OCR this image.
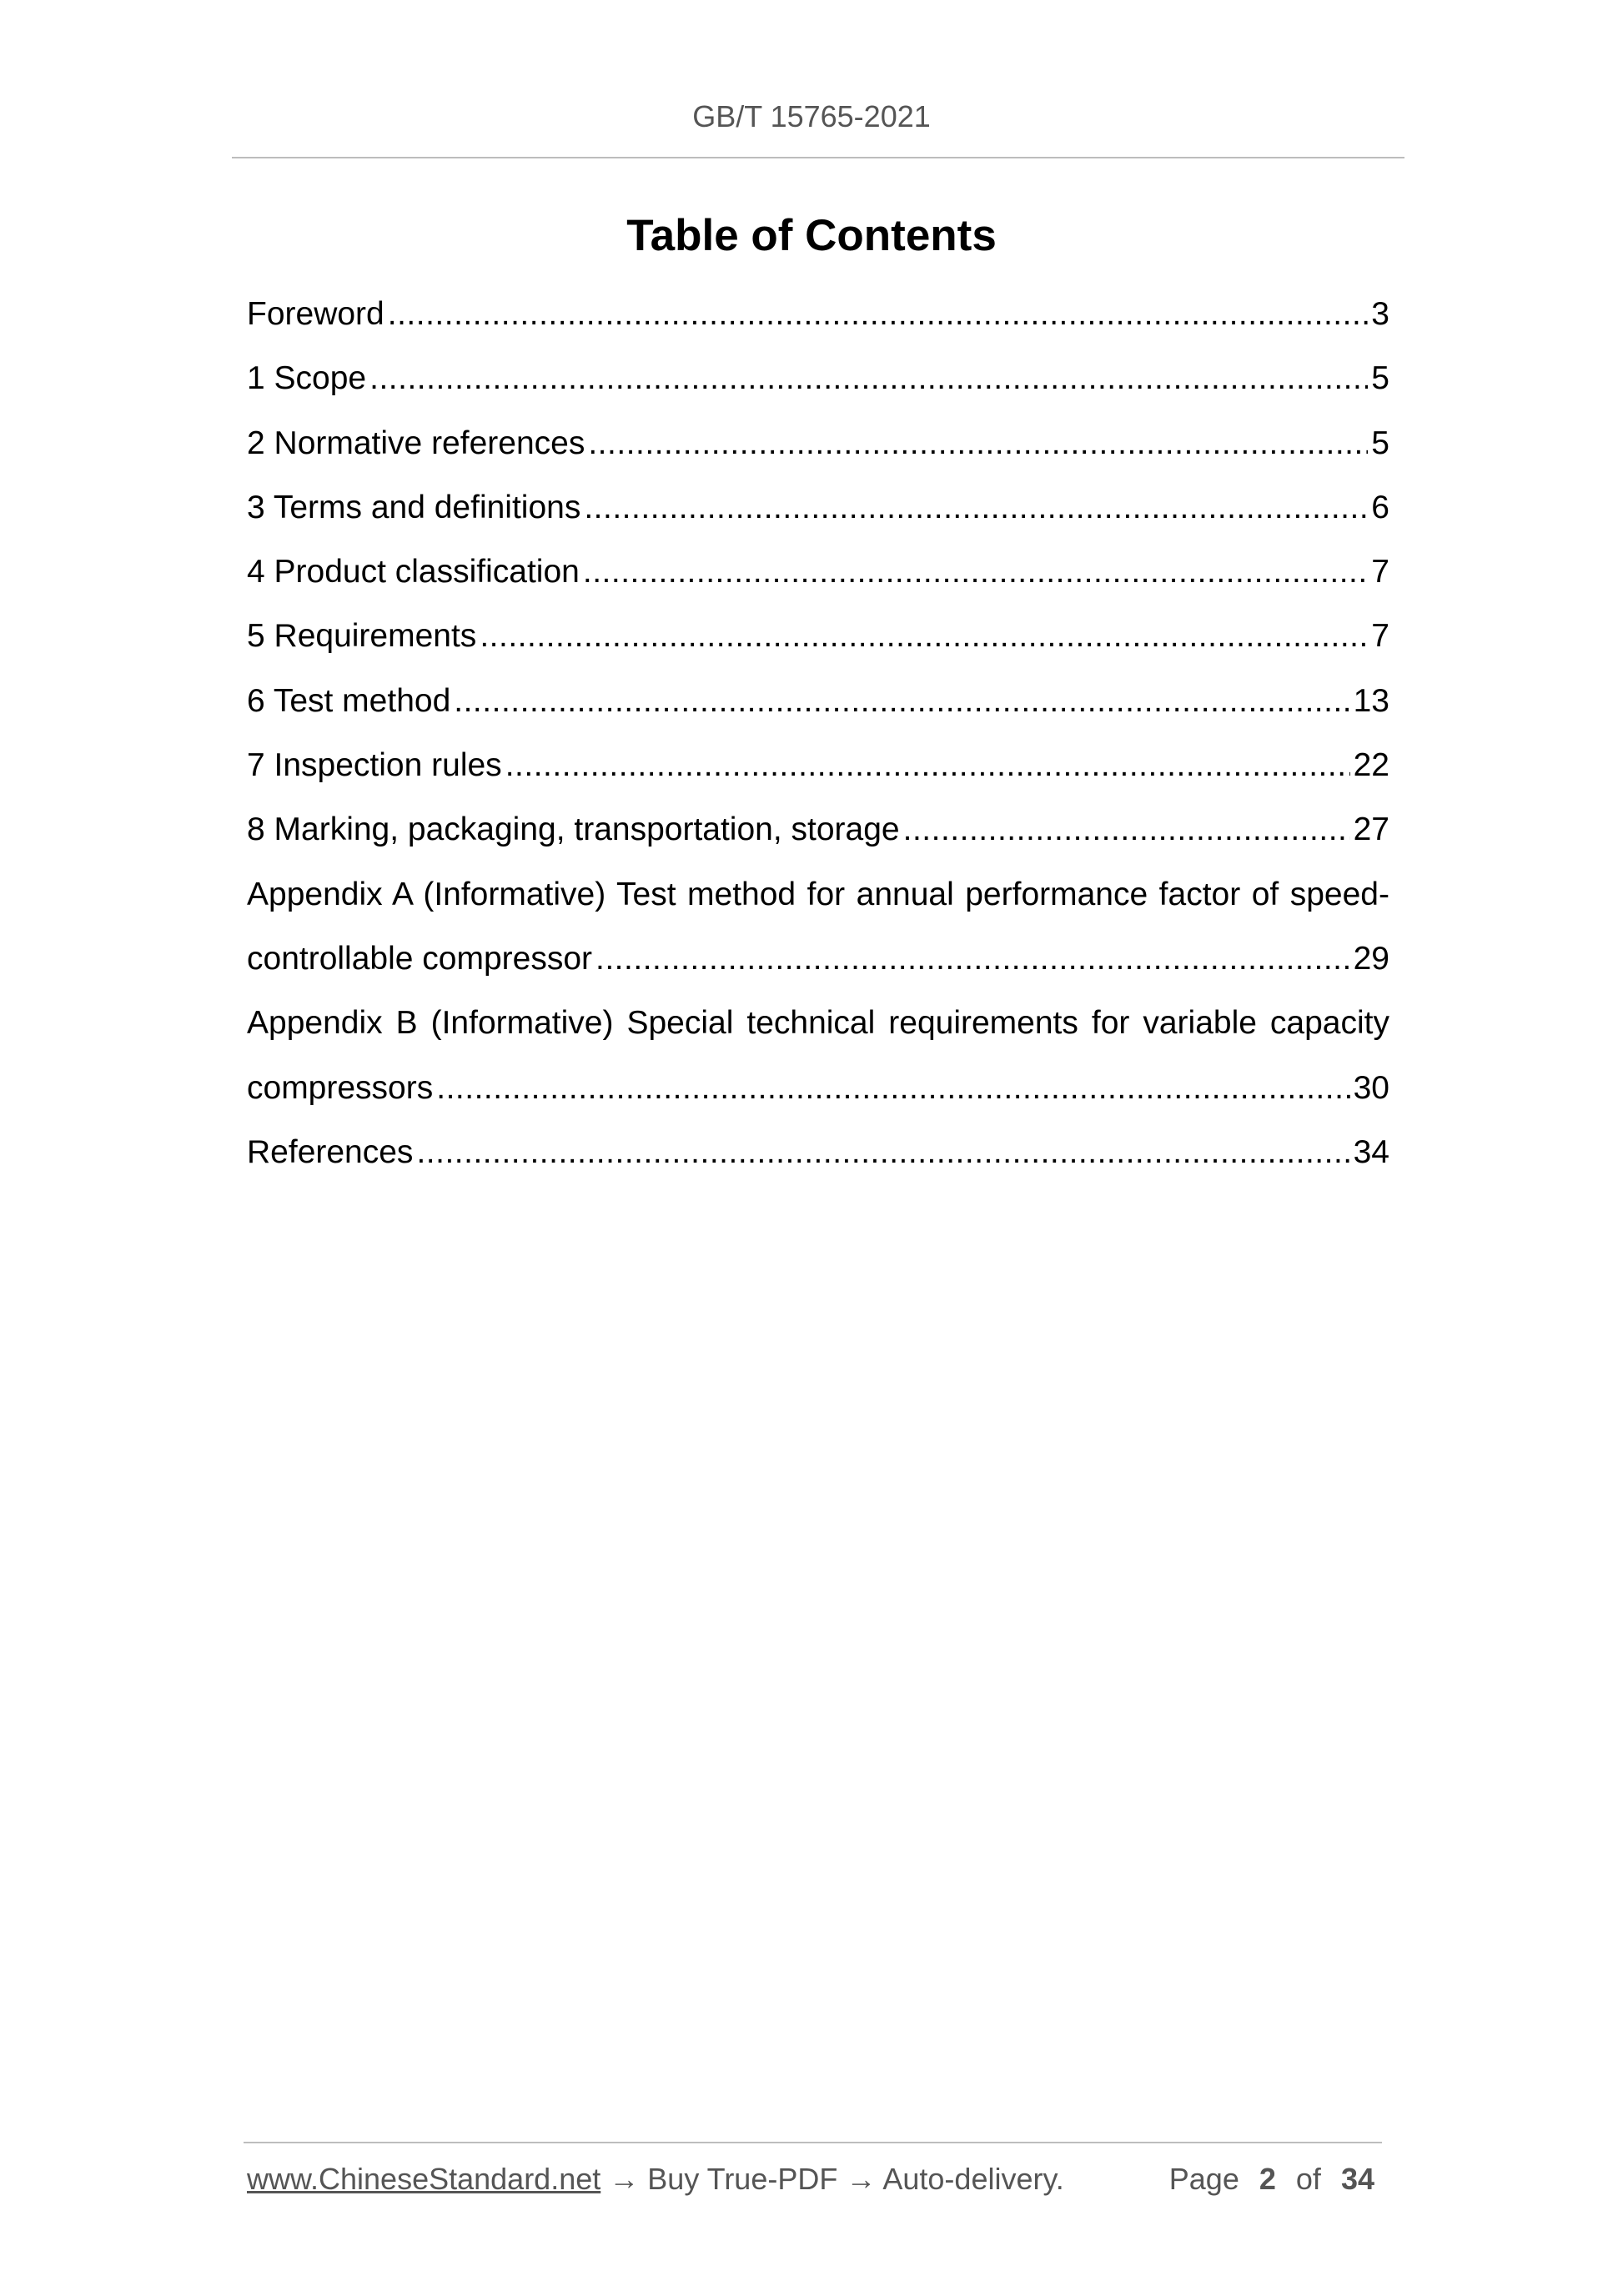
GB/T 15765-2021
Table of Contents
Foreword .....	3
1 Scope .....	5
2 Normative references .....	5
3 Terms and definitions .....	6
4 Product classification .....	7
5 Requirements .....	7
6 Test method .....	13
7 Inspection rules .....	22
8 Marking, packaging, transportation, storage .....	27
Appendix A (Informative) Test method for annual performance factor of speed-
controllable compressor .....	29
Appendix B (Informative) Special technical requirements for variable capacity
compressors .....	30
References .....	34
www.ChineseStandard.net → Buy True-PDF → Auto-delivery.	Page 2 of 34
